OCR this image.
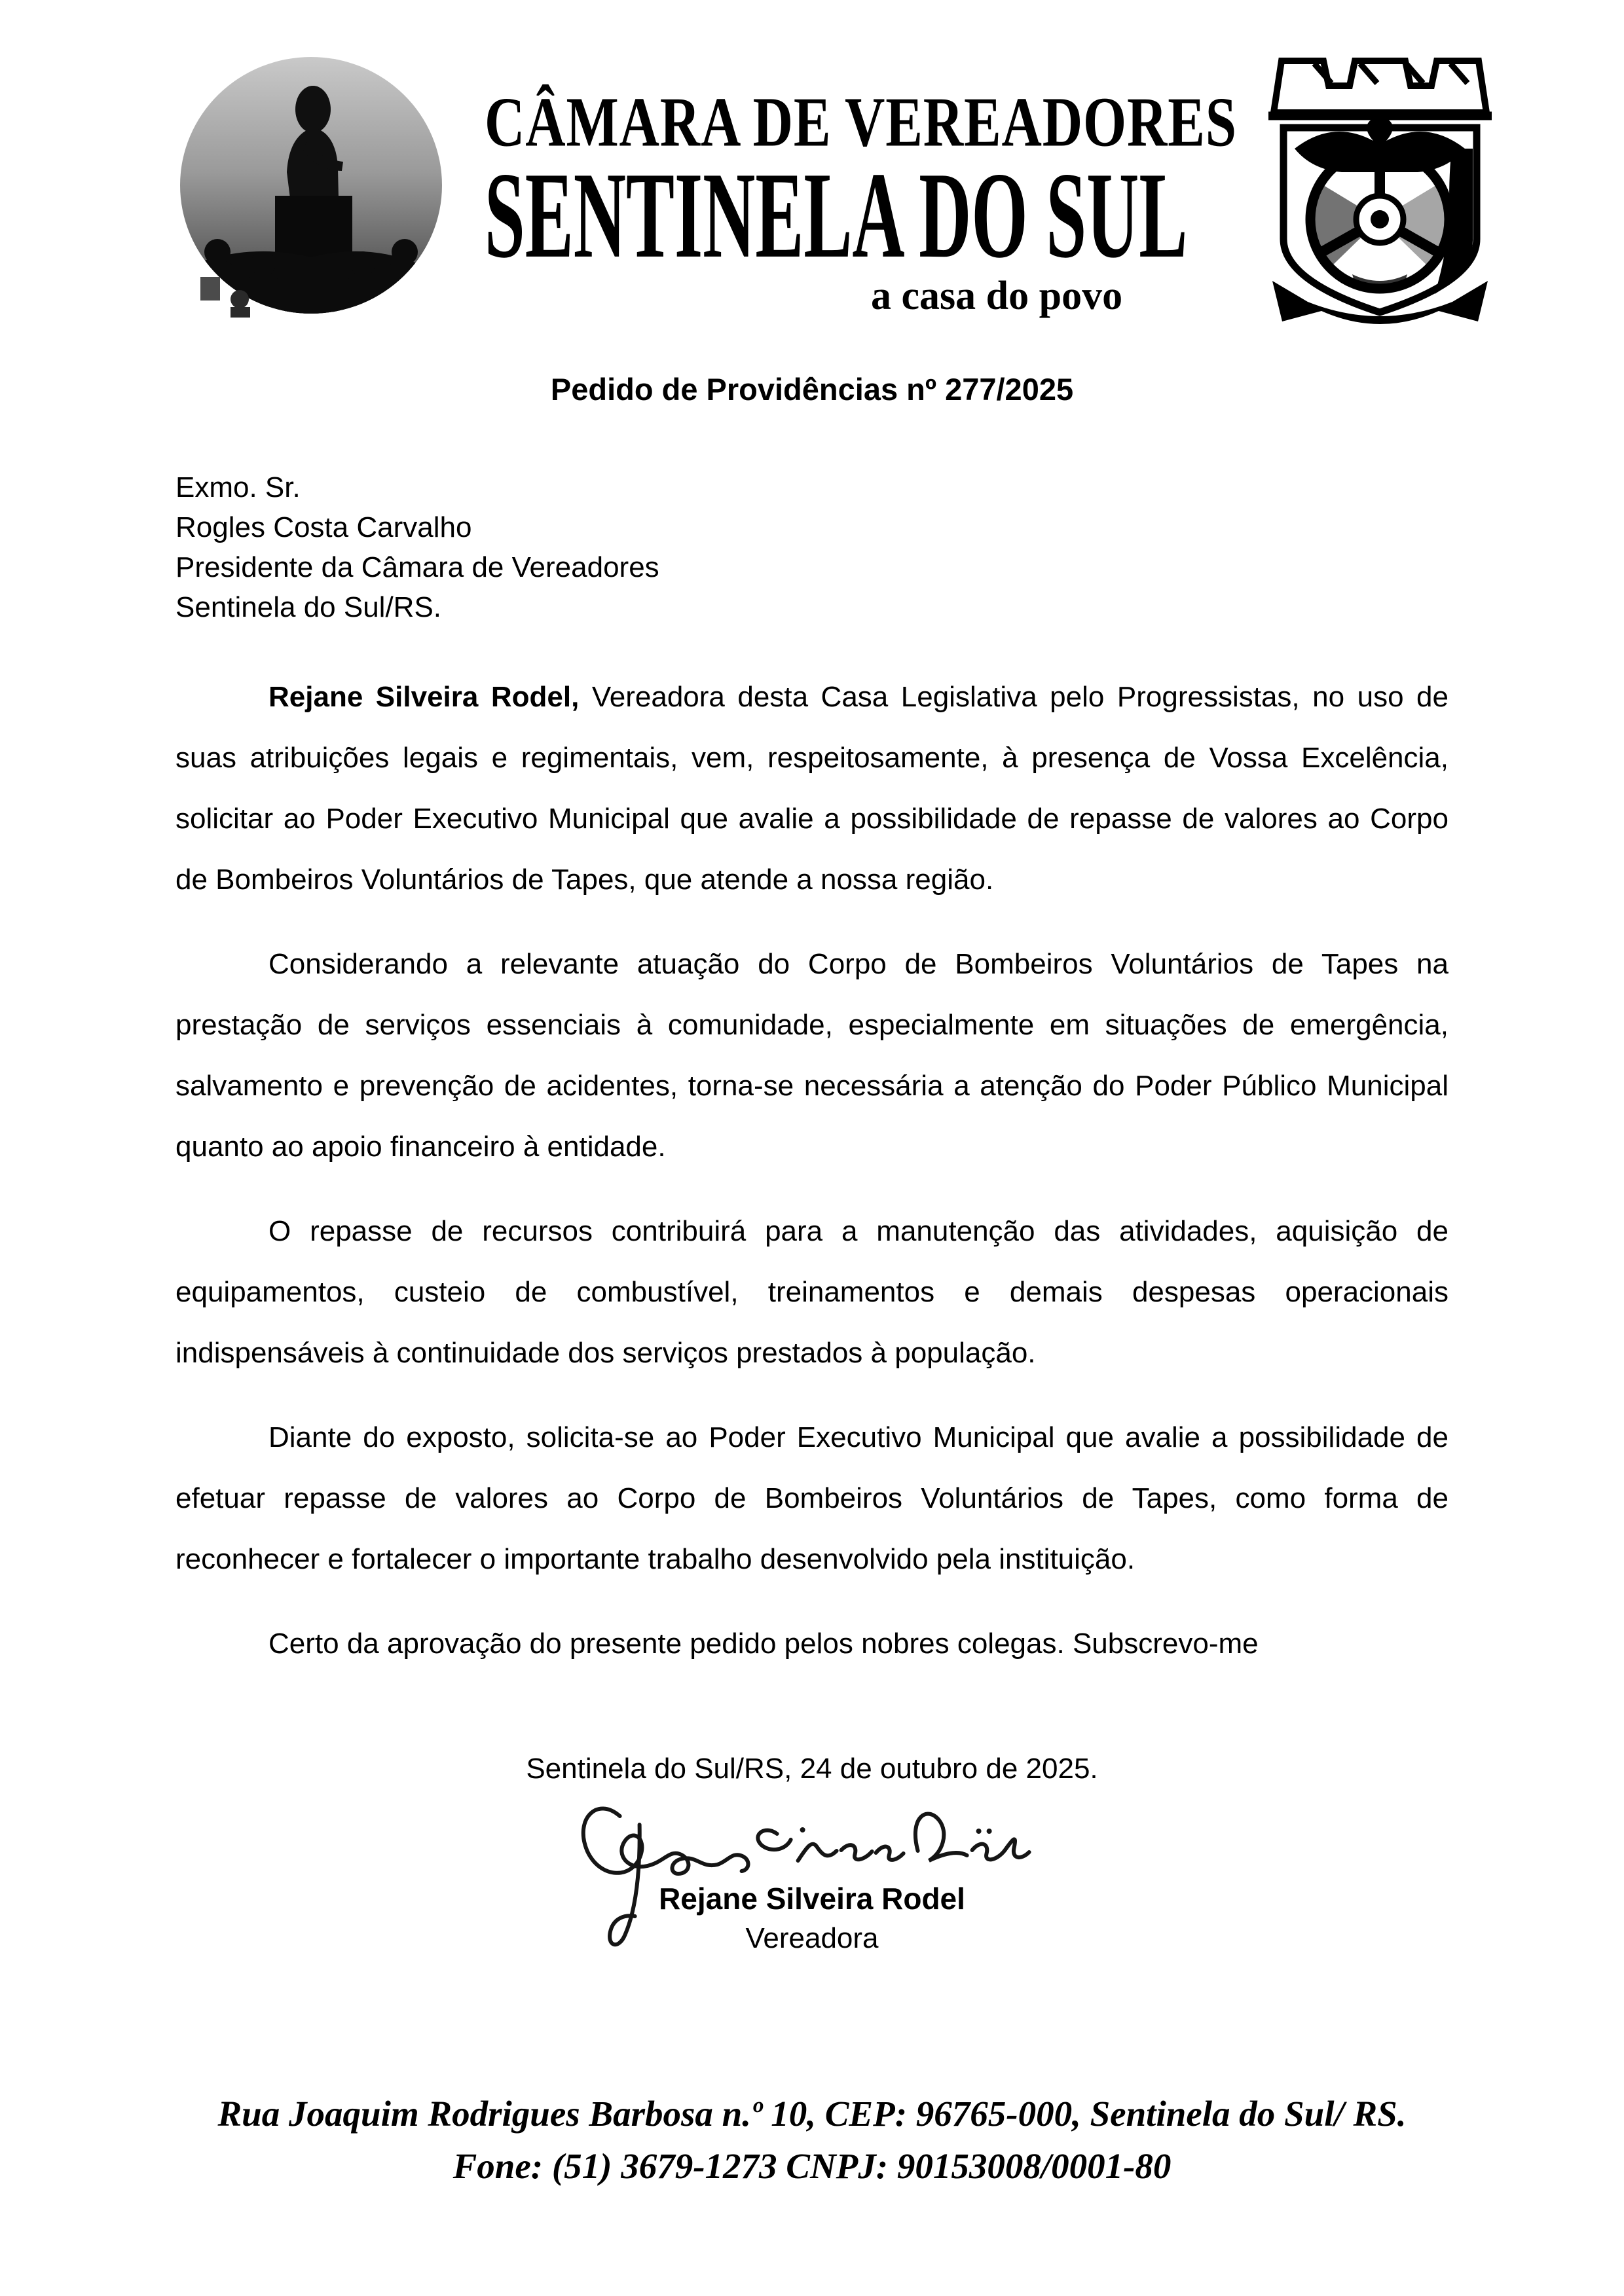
CÂMARA DE VEREADORES
SENTINELA DO SUL
a casa do povo
Pedido de Providências nº 277/2025
Exmo. Sr.
Rogles Costa Carvalho
Presidente da Câmara de Vereadores
Sentinela do Sul/RS.

Rejane Silveira Rodel, Vereadora desta Casa Legislativa pelo Progressistas, no uso de suas atribuições legais e regimentais, vem, respeitosamente, à presença de Vossa Excelência, solicitar ao Poder Executivo Municipal que avalie a possibilidade de repasse de valores ao Corpo de Bombeiros Voluntários de Tapes, que atende a nossa região.

Considerando a relevante atuação do Corpo de Bombeiros Voluntários de Tapes na prestação de serviços essenciais à comunidade, especialmente em situações de emergência, salvamento e prevenção de acidentes, torna-se necessária a atenção do Poder Público Municipal quanto ao apoio financeiro à entidade.

O repasse de recursos contribuirá para a manutenção das atividades, aquisição de equipamentos, custeio de combustível, treinamentos e demais despesas operacionais indispensáveis à continuidade dos serviços prestados à população.

Diante do exposto, solicita-se ao Poder Executivo Municipal que avalie a possibilidade de efetuar repasse de valores ao Corpo de Bombeiros Voluntários de Tapes, como forma de reconhecer e fortalecer o importante trabalho desenvolvido pela instituição.

Certo da aprovação do presente pedido pelos nobres colegas. Subscrevo-me
Sentinela do Sul/RS, 24 de outubro de 2025.
Rejane Silveira Rodel
Vereadora
Rua Joaquim Rodrigues Barbosa n.º 10, CEP: 96765-000, Sentinela do Sul/ RS.
Fone: (51) 3679-1273 CNPJ: 90153008/0001-80
